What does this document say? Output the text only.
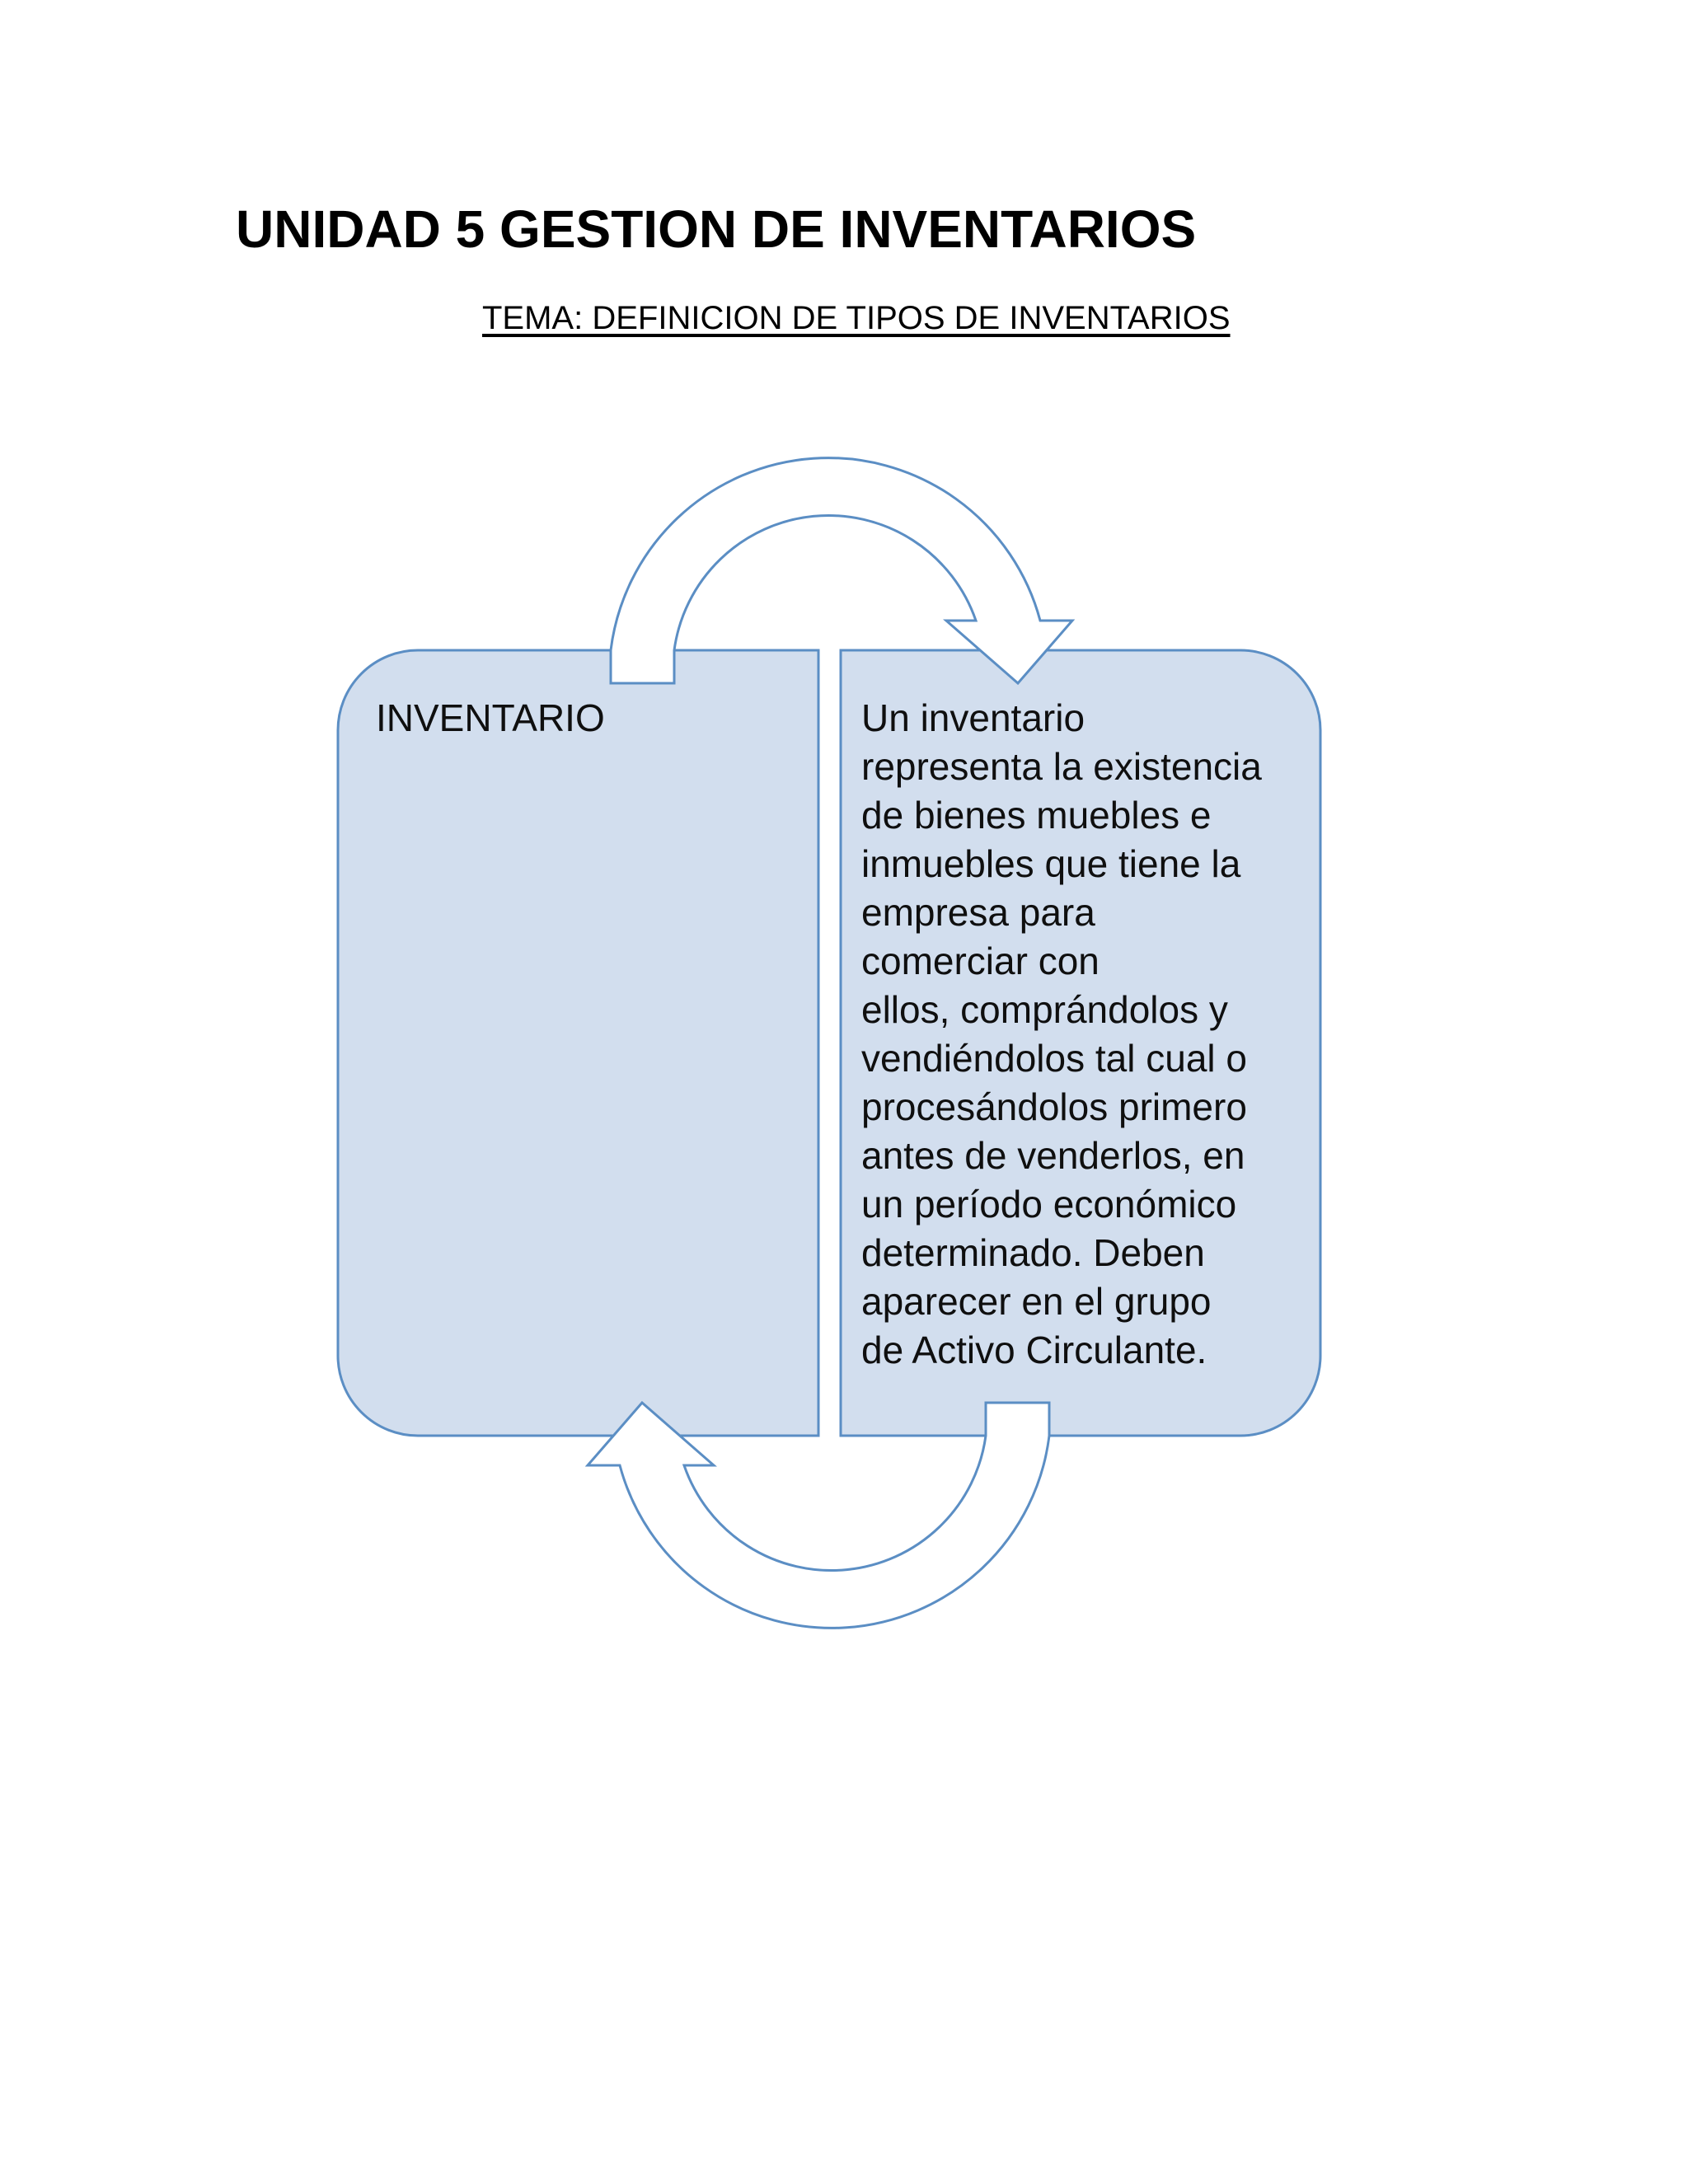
UNIDAD 5 GESTION DE INVENTARIOS

TEMA: DEFINICION DE TIPOS DE INVENTARIOS

INVENTARIO	Un inventario
representa la existencia
de bienes muebles e
inmuebles que tiene la
empresa para
comerciar con
ellos, comprándolos y
vendiéndolos tal cual o
procesándolos primero
antes de venderlos, en
un período económico
determinado. Deben
aparecer en el grupo
de Activo Circulante.
